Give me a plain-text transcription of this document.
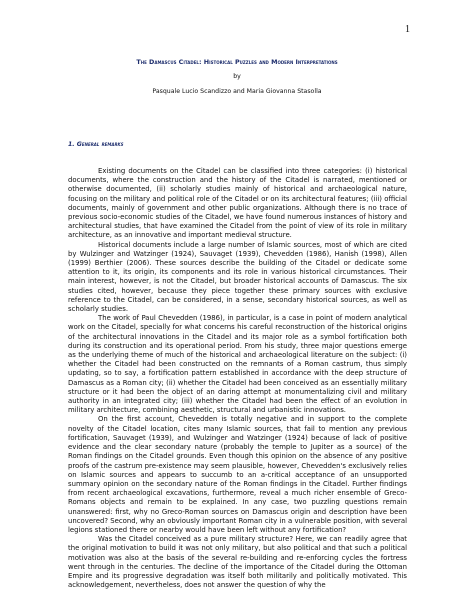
1
The Damascus Citadel: Historical Puzzles and Modern Interpretations
by
Pasquale Lucio Scandizzo and Maria Giovanna Stasolla
1. General remarks

Existing documents on the Citadel can be classified into three categories: (i) historical documents, where the construction and the history of the Citadel is narrated, mentioned or otherwise documented, (ii) scholarly studies mainly of historical and archaeological nature, focusing on the military and political role of the Citadel or on its architectural features; (iii) official documents, mainly of government and other public organizations. Although there is no trace of previous socio-economic studies of the Citadel, we have found numerous instances of history and architectural studies, that have examined the Citadel from the point of view of its role in military architecture, as an innovative and important medieval structure.

Historical documents include a large number of Islamic sources, most of which are cited by Wulzinger and Watzinger (1924), Sauvaget (1939), Chevedden (1986), Hanish (1998), Allen (1999) Berthier (2006). These sources describe the building of the Citadel or dedicate some attention to it, its origin, its components and its role in various historical circumstances. Their main interest, however, is not the Citadel, but broader historical accounts of Damascus. The six studies cited, however, because they piece together these primary sources with exclusive reference to the Citadel, can be considered, in a sense, secondary historical sources, as well as scholarly studies.

The work of Paul Chevedden (1986), in particular, is a case in point of modern analytical work on the Citadel, specially for what concerns his careful reconstruction of the historical origins of the architectural innovations in the Citadel and its major role as a symbol fortification both during its construction and its operational period. From his study, three major questions emerge as the underlying theme of much of the historical and archaeological literature on the subject: (i) whether the Citadel had been constructed on the remnants of a Roman castrum, thus simply updating, so to say, a fortification pattern established in accordance with the deep structure of Damascus as a Roman city; (ii) whether the Citadel had been conceived as an essentially military structure or it had been the object of an daring attempt at monumentalizing civil and military authority in an integrated city; (iii) whether the Citadel had been the effect of an evolution in military architecture, combining aesthetic, structural and urbanistic innovations.

On the first account, Chevedden is totally negative and in support to the complete novelty of the Citadel location, cites many Islamic sources, that fail to mention any previous fortification, Sauvaget (1939), and Wulzinger and Watzinger (1924) because of lack of positive evidence and the clear secondary nature (probably the temple to Jupiter as a source) of the Roman findings on the Citadel grounds. Even though this opinion on the absence of any positive proofs of the castrum pre-existence may seem plausible, however, Chevedden's exclusively relies on Islamic sources and appears to succumb to an a-critical acceptance of an unsupported summary opinion on the secondary nature of the Roman findings in the Citadel. Further findings from recent archaeological excavations, furthermore, reveal a much richer ensemble of Greco-Romans objects and remain to be explained. In any case, two puzzling questions remain unanswered: first, why no Greco-Roman sources on Damascus origin and description have been uncovered? Second, why an obviously important Roman city in a vulnerable position, with several legions stationed there or nearby would have been left without any fortification?

Was the Citadel conceived as a pure military structure? Here, we can readily agree that the original motivation to build it was not only military, but also political and that such a political motivation was also at the basis of the several re-building and re-enforcing cycles the fortress went through in the centuries. The decline of the importance of the Citadel during the Ottoman Empire and its progressive degradation was itself both militarily and politically motivated. This acknowledgement, nevertheless, does not answer the question of why the
